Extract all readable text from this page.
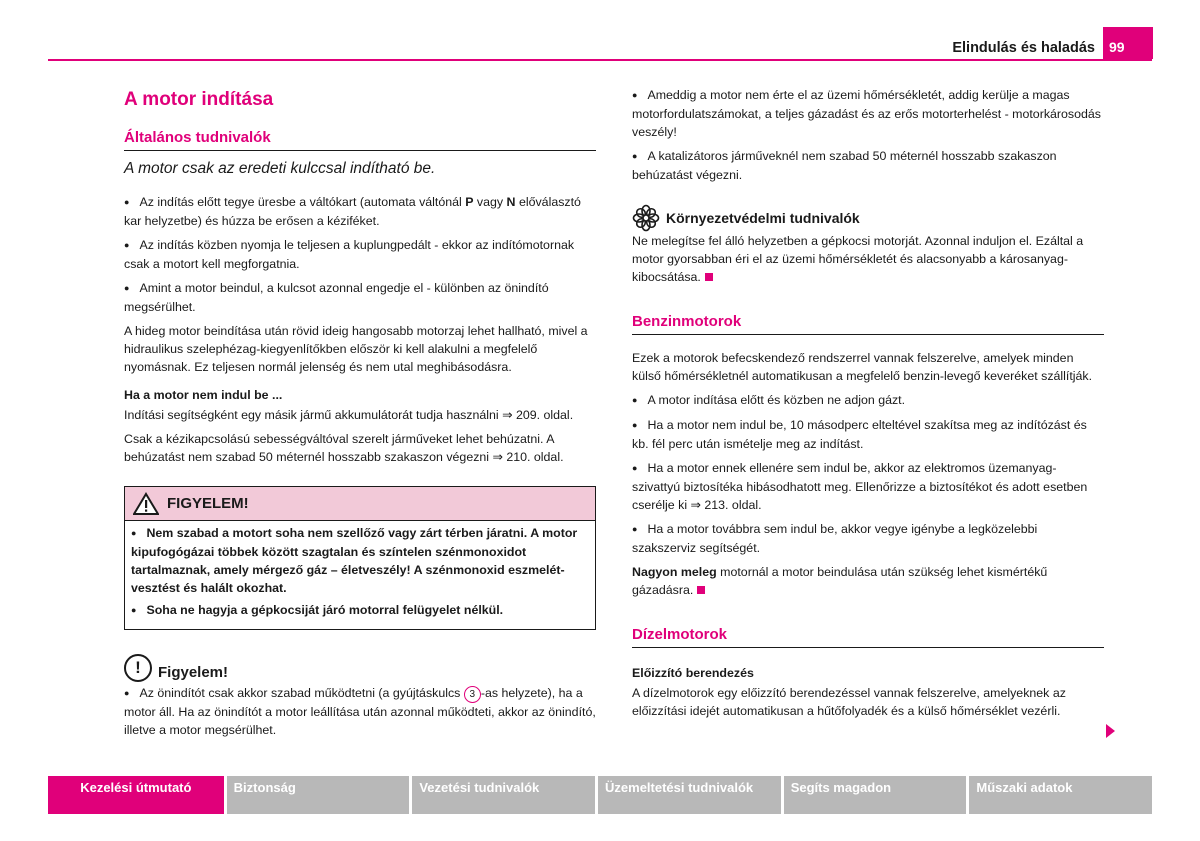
Elindulás és haladás	99
A motor indítása
Általános tudnivalók
A motor csak az eredeti kulccsal indítható be.

● Az indítás előtt tegye üresbe a váltókart (automata váltónál P vagy N előválasztó kar helyzetbe) és húzza be erősen a kéziféket.

● Az indítás közben nyomja le teljesen a kuplungpedált - ekkor az indítómotornak csak a motort kell megforgatnia.

● Amint a motor beindul, a kulcsot azonnal engedje el - különben az önindító megsérülhet.

A hideg motor beindítása után rövid ideig hangosabb motorzaj lehet hallható, mivel a hidraulikus szelephézag-kiegyenlítőkben először ki kell alakulni a megfelelő nyomásnak. Ez teljesen normál jelenség és nem utal meghibásodásra.

Ha a motor nem indul be ...

Indítási segítségként egy másik jármű akkumulátorát tudja használni ⇒ 209. oldal.

Csak a kézikapcsolású sebességváltóval szerelt járműveket lehet behúzatni. A behúzatást nem szabad 50 méternél hosszabb szakaszon végezni ⇒ 210. oldal.

FIGYELEM!

● Nem szabad a motort soha nem szellőző vagy zárt térben járatni. A motor kipufogógázai többek között szagtalan és színtelen szénmonoxidot tartalmaznak, amely mérgező gáz – életveszély! A szénmonoxid eszmelét-vesztést és halált okozhat.

● Soha ne hagyja a gépkocsiját járó motorral felügyelet nélkül.

!	Figyelem!

● Az önindítót csak akkor szabad működtetni (a gyújtáskulcs 3 -as helyzete), ha a motor áll. Ha az önindítót a motor leállítása után azonnal működteti, akkor az önindító, illetve a motor megsérülhet.

● Ameddig a motor nem érte el az üzemi hőmérsékletét, addig kerülje a magas motorfordulatszámokat, a teljes gázadást és az erős motorterhelést - motorkárosodás veszély!

● A katalizátoros járműveknél nem szabad 50 méternél hosszabb szakaszon behúzatást végezni.

Környezetvédelmi tudnivalók

Ne melegítse fel álló helyzetben a gépkocsi motorját. Azonnal induljon el. Ezáltal a motor gyorsabban éri el az üzemi hőmérsékletét és alacsonyabb a károsanyag-kibocsátása.

Benzinmotorok

Ezek a motorok befecskendező rendszerrel vannak felszerelve, amelyek minden külső hőmérsékletnél automatikusan a megfelelő benzin-levegő keveréket szállítják.

● A motor indítása előtt és közben ne adjon gázt.

● Ha a motor nem indul be, 10 másodperc elteltével szakítsa meg az indítózást és kb. fél perc után ismételje meg az indítást.

● Ha a motor ennek ellenére sem indul be, akkor az elektromos üzemanyag-szivattyú biztosítéka hibásodhatott meg. Ellenőrizze a biztosítékot és adott esetben cserélje ki ⇒ 213. oldal.

● Ha a motor továbbra sem indul be, akkor vegye igénybe a legközelebbi szakszerviz segítségét.

Nagyon meleg motornál a motor beindulása után szükség lehet kismértékű gázadásra.

Dízelmotorok
Előizzító berendezés

A dízelmotorok egy előizzító berendezéssel vannak felszerelve, amelyeknek az előizzítási idejét automatikusan a hűtőfolyadék és a külső hőmérséklet vezérli.

Kezelési útmutató	Biztonság	Vezetési tudnivalók	Üzemeltetési tudnivalók	Segíts magadon	Műszaki adatok
